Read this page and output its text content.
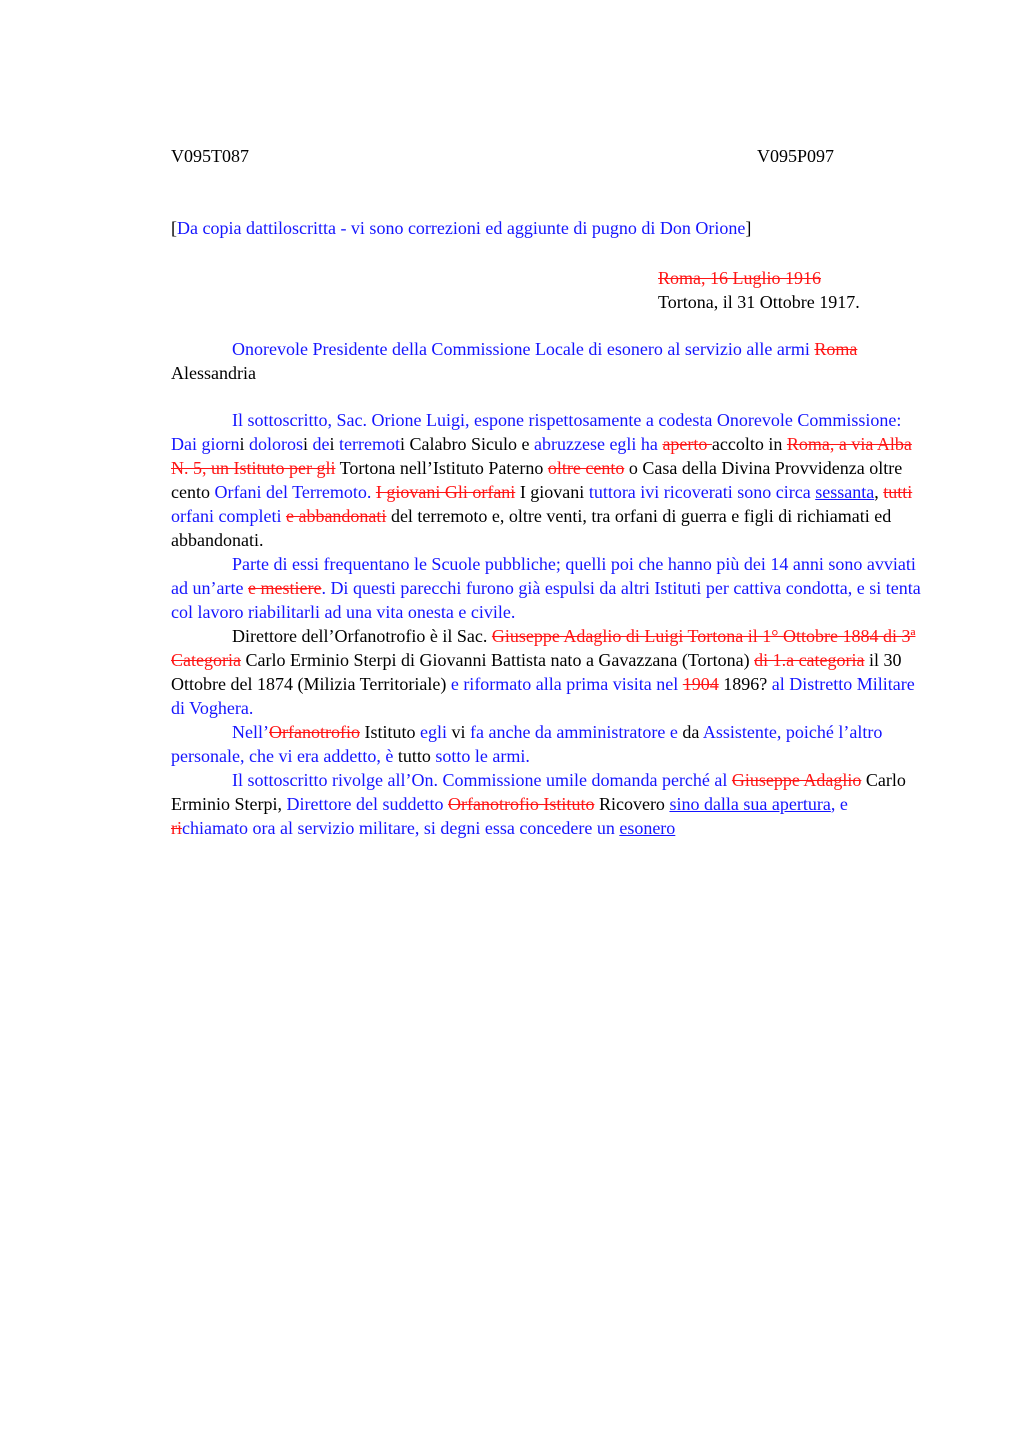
V095T087	V095P097
[Da copia dattiloscritta - vi sono correzioni ed aggiunte di pugno di Don Orione]
Roma, 16 Luglio 1916
Tortona, il 31 Ottobre 1917.

Onorevole Presidente della Commissione Locale di esonero al servizio alle armi Roma Alessandria

Il sottoscritto, Sac. Orione Luigi, espone rispettosamente a codesta Onorevole Commissione: Dai giorni dolorosi dei terremoti Calabro Siculo e abruzzese egli ha aperto accolto in Roma, a via Alba N. 5, un Istituto per gli Tortona nell’Istituto Paterno oltre cento o Casa della Divina Provvidenza oltre cento Orfani del Terremoto. I giovani Gli orfani I giovani tuttora ivi ricoverati sono circa sessanta, tutti orfani completi e abbandonati del terremoto e, oltre venti, tra orfani di guerra e figli di richiamati ed abbandonati.

Parte di essi frequentano le Scuole pubbliche; quelli poi che hanno più dei 14 anni sono avviati ad un’arte e mestiere. Di questi parecchi furono già espulsi da altri Istituti per cattiva condotta, e si tenta col lavoro riabilitarli ad una vita onesta e civile.

Direttore dell’Orfanotrofio è il Sac. Giuseppe Adaglio di Luigi Tortona il 1° Ottobre 1884 di 3ª Categoria Carlo Erminio Sterpi di Giovanni Battista nato a Gavazzana (Tortona) di 1.a categoria il 30 Ottobre del 1874 (Milizia Territoriale) e riformato alla prima visita nel 1904 1896? al Distretto Militare di Voghera.

Nell’Orfanotrofio Istituto egli vi fa anche da amministratore e da Assistente, poiché l’altro personale, che vi era addetto, è tutto sotto le armi.

Il sottoscritto rivolge all’On. Commissione umile domanda perché al Giuseppe Adaglio Carlo Erminio Sterpi, Direttore del suddetto Orfanotrofio Istituto Ricovero sino dalla sua apertura, e richiamato ora al servizio militare, si degni essa concedere un esonero
